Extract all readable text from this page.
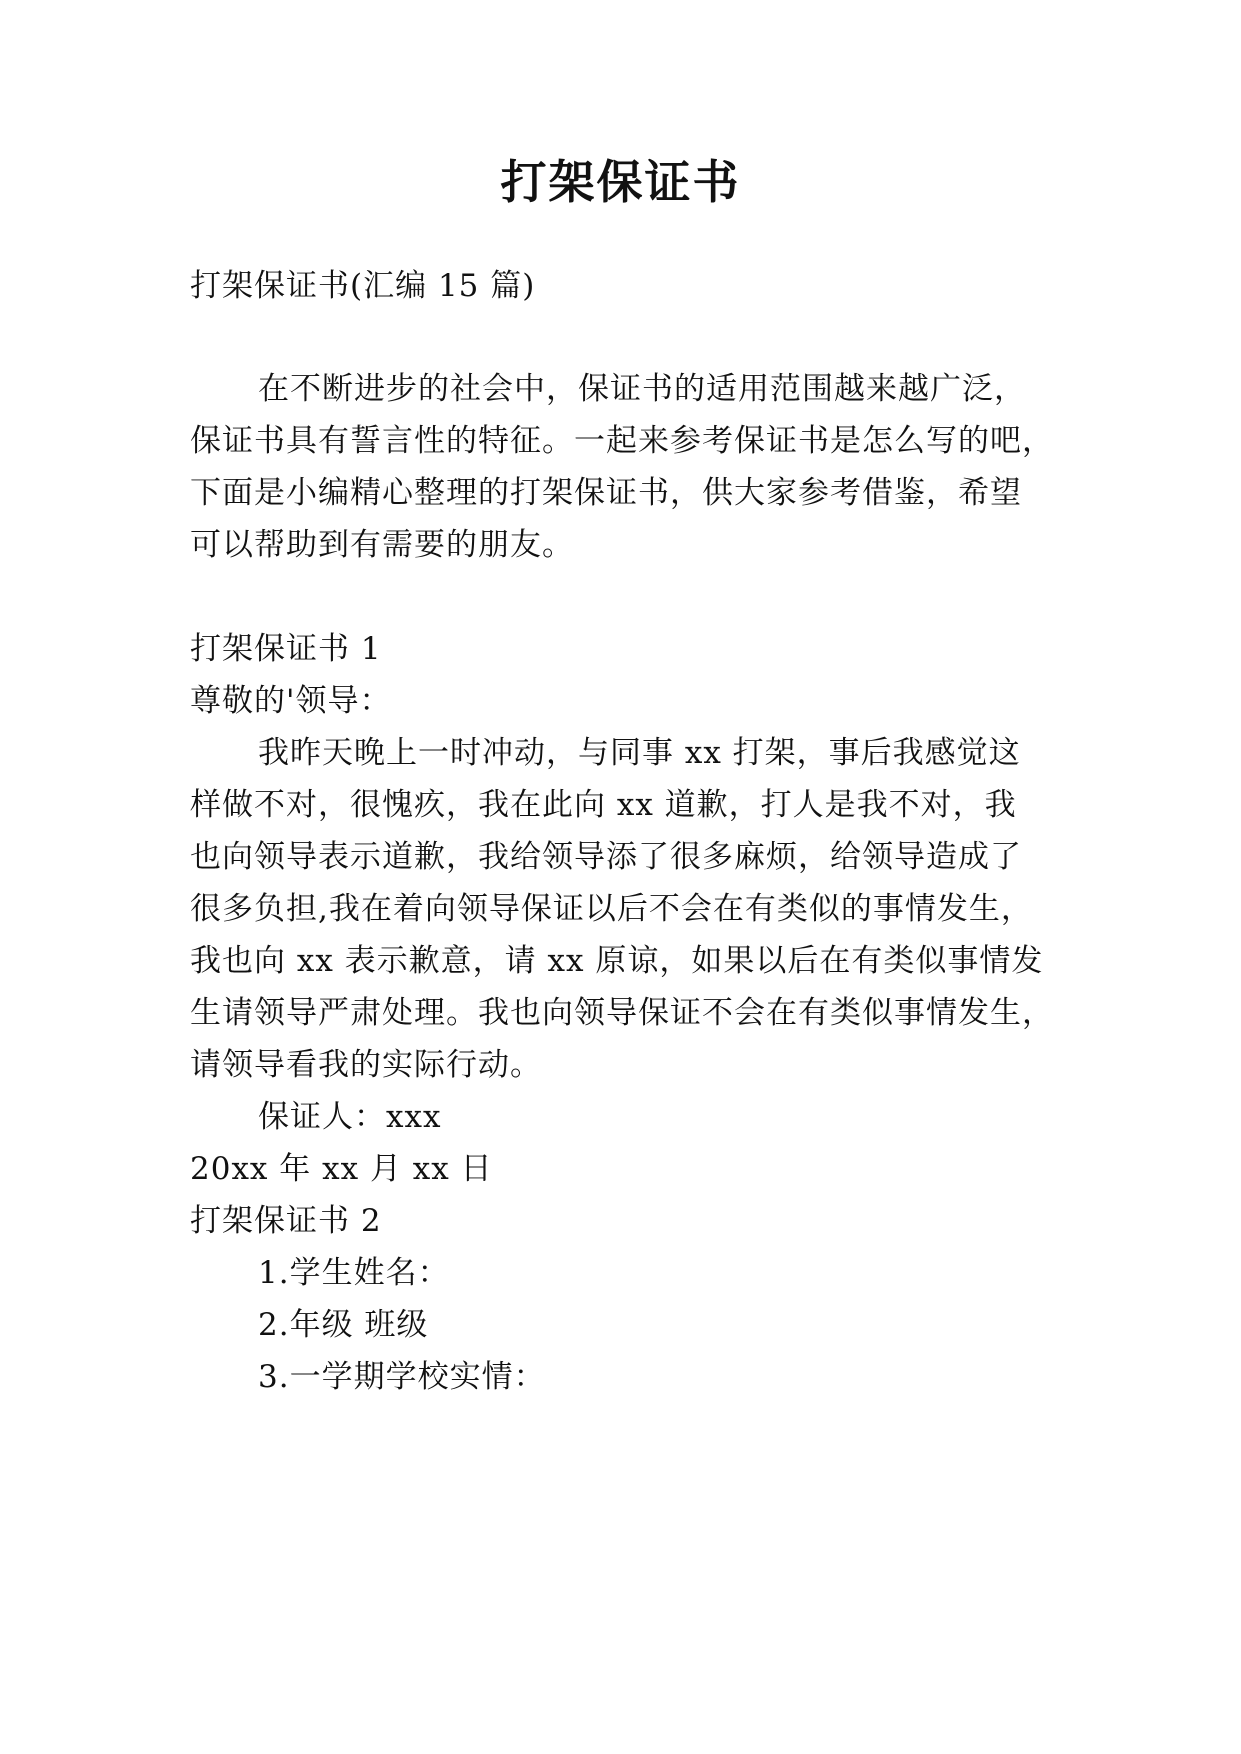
打架保证书
打架保证书(汇编 15 篇)
在不断进步的社会中，保证书的适用范围越来越广泛，
保证书具有誓言性的特征。一起来参考保证书是怎么写的吧，
下面是小编精心整理的打架保证书，供大家参考借鉴，希望
可以帮助到有需要的朋友。
打架保证书 1
尊敬的'领导：
我昨天晚上一时冲动，与同事 xx 打架，事后我感觉这
样做不对，很愧疚，我在此向 xx 道歉，打人是我不对，我
也向领导表示道歉，我给领导添了很多麻烦，给领导造成了
很多负担,我在着向领导保证以后不会在有类似的事情发生，
我也向 xx 表示歉意，请 xx 原谅，如果以后在有类似事情发
生请领导严肃处理。我也向领导保证不会在有类似事情发生，
请领导看我的实际行动。
保证人：xxx
20xx 年 xx 月 xx 日
打架保证书 2
1.学生姓名：
2.年级 班级
3.一学期学校实情：
